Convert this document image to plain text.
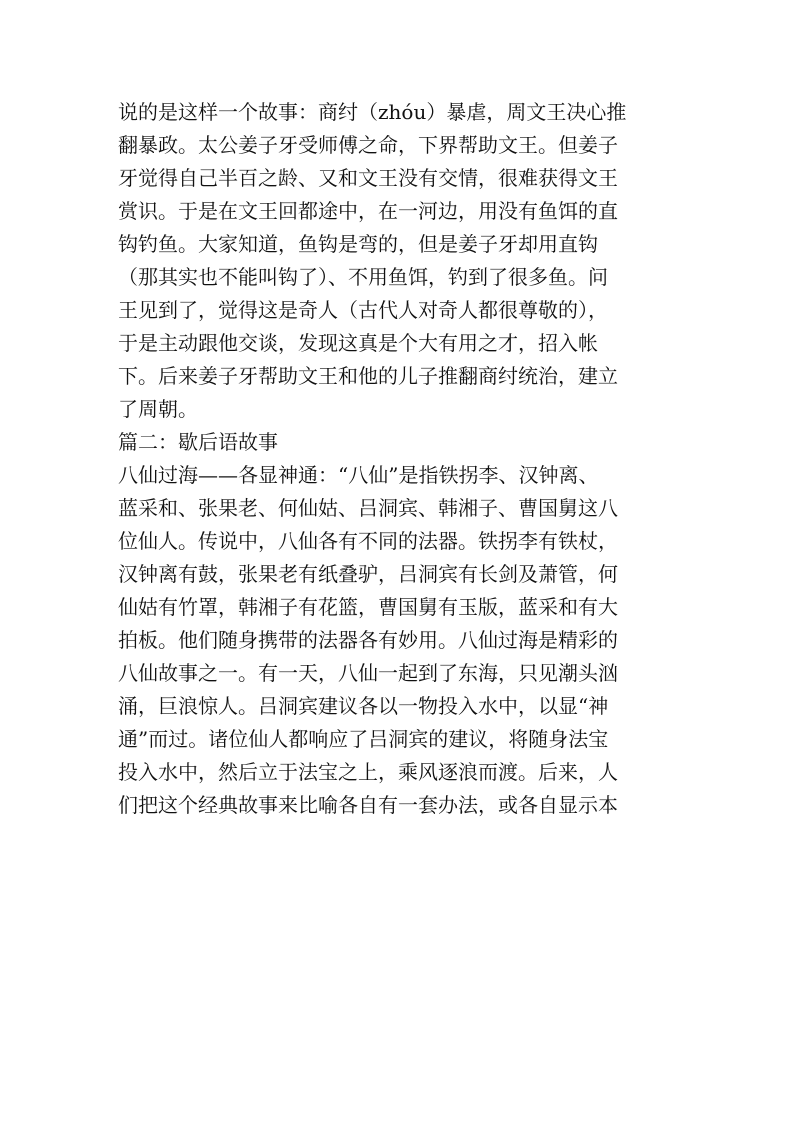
说的是这样一个故事：商纣（zhóu）暴虐，周文王决心推
翻暴政。太公姜子牙受师傅之命，下界帮助文王。但姜子
牙觉得自己半百之龄、又和文王没有交情，很难获得文王
赏识。于是在文王回都途中，在一河边，用没有鱼饵的直
钩钓鱼。大家知道，鱼钩是弯的，但是姜子牙却用直钩
（那其实也不能叫钩了）、不用鱼饵，钓到了很多鱼。问
王见到了，觉得这是奇人（古代人对奇人都很尊敬的），
于是主动跟他交谈，发现这真是个大有用之才，招入帐
下。后来姜子牙帮助文王和他的儿子推翻商纣统治，建立
了周朝。
篇二：歇后语故事
八仙过海——各显神通：“八仙”是指铁拐李、汉钟离、
蓝采和、张果老、何仙姑、吕洞宾、韩湘子、曹国舅这八
位仙人。传说中，八仙各有不同的法器。铁拐李有铁杖，
汉钟离有鼓，张果老有纸叠驴，吕洞宾有长剑及萧管，何
仙姑有竹罩，韩湘子有花篮，曹国舅有玉版，蓝采和有大
拍板。他们随身携带的法器各有妙用。八仙过海是精彩的
八仙故事之一。有一天，八仙一起到了东海，只见潮头汹
涌，巨浪惊人。吕洞宾建议各以一物投入水中，以显“神
通”而过。诸位仙人都响应了吕洞宾的建议，将随身法宝
投入水中，然后立于法宝之上，乘风逐浪而渡。后来，人
们把这个经典故事来比喻各自有一套办法，或各自显示本
